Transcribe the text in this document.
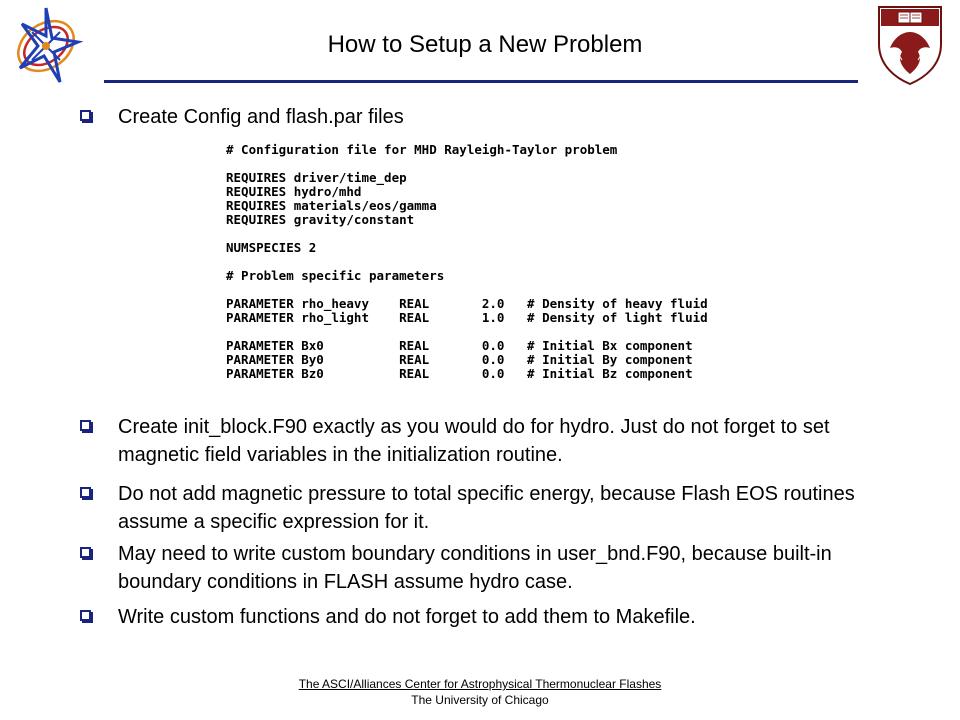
How to Setup a New Problem
Create Config and flash.par files
# Configuration file for MHD Rayleigh-Taylor problem
REQUIRES driver/time_dep
REQUIRES hydro/mhd
REQUIRES materials/eos/gamma
REQUIRES gravity/constant
NUMSPECIES 2
# Problem specific parameters
PARAMETER rho_heavy    REAL       2.0   # Density of heavy fluid
PARAMETER rho_light    REAL       1.0   # Density of light fluid
PARAMETER Bx0          REAL       0.0   # Initial Bx component
PARAMETER By0          REAL       0.0   # Initial By component
PARAMETER Bz0          REAL       0.0   # Initial Bz component
Create init_block.F90 exactly as you would do for hydro. Just do not forget to set magnetic field variables in the initialization routine.
Do not add magnetic pressure to total specific energy, because Flash EOS routines assume a specific expression for it.
May need to write custom boundary conditions in user_bnd.F90, because built-in boundary conditions in FLASH assume hydro case.
Write custom functions and do not forget to add them to Makefile.
The ASCI/Alliances Center for Astrophysical Thermonuclear Flashes
The University of Chicago
